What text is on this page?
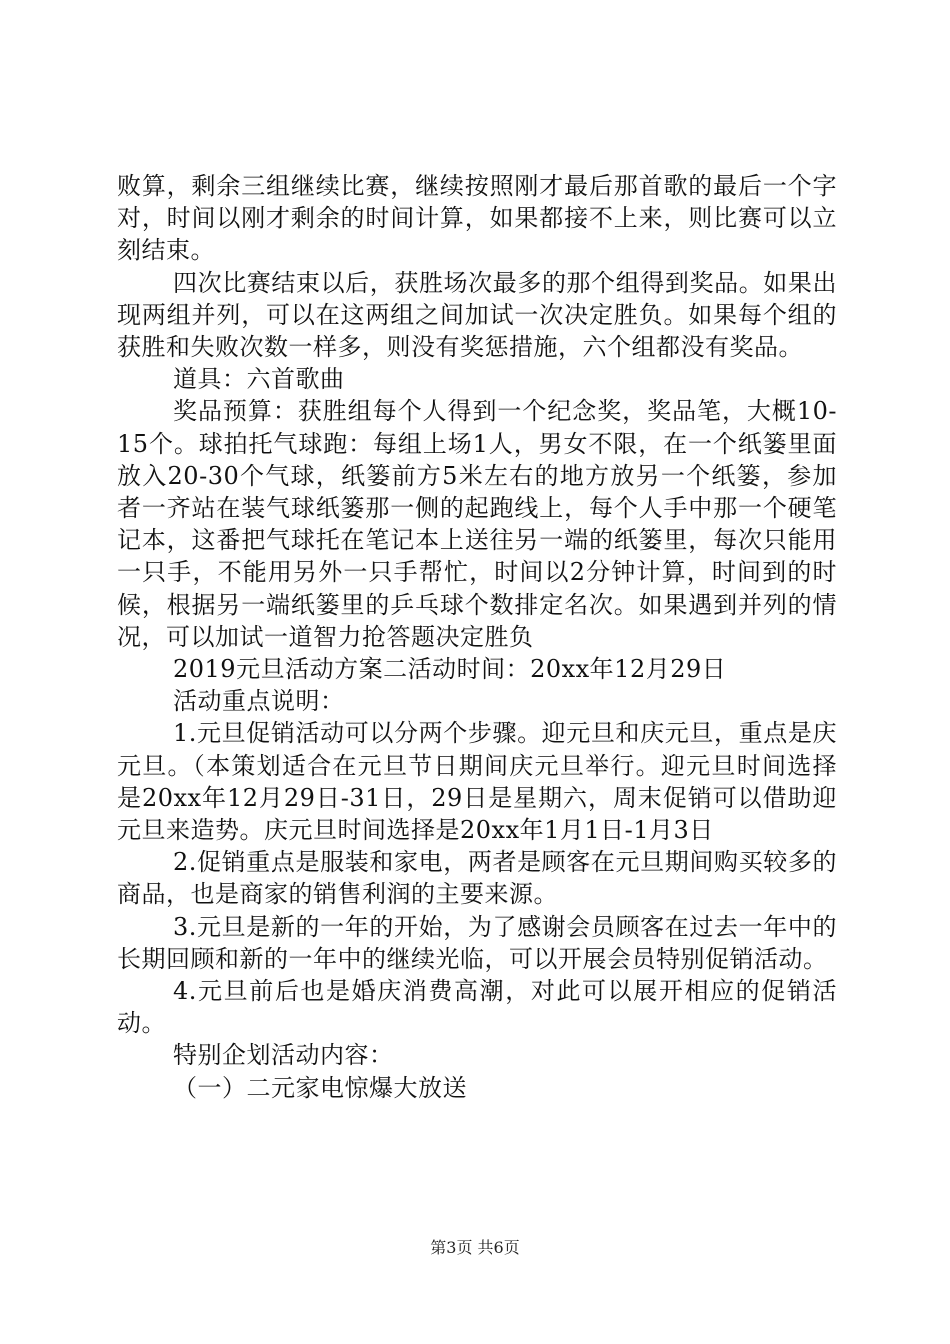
败算，剩余三组继续比赛，继续按照刚才最后那首歌的最后一个字对，时间以刚才剩余的时间计算，如果都接不上来，则比赛可以立刻结束。

四次比赛结束以后，获胜场次最多的那个组得到奖品。如果出现两组并列，可以在这两组之间加试一次决定胜负。如果每个组的获胜和失败次数一样多，则没有奖惩措施，六个组都没有奖品。

道具：六首歌曲

奖品预算：获胜组每个人得到一个纪念奖，奖品笔，大概10-15个。球拍托气球跑：每组上场1人，男女不限，在一个纸篓里面放入20-30个气球，纸篓前方5米左右的地方放另一个纸篓，参加者一齐站在装气球纸篓那一侧的起跑线上，每个人手中那一个硬笔记本，这番把气球托在笔记本上送往另一端的纸篓里，每次只能用一只手，不能用另外一只手帮忙，时间以2分钟计算，时间到的时候，根据另一端纸篓里的乒乓球个数排定名次。如果遇到并列的情况，可以加试一道智力抢答题决定胜负

2019元旦活动方案二活动时间：20xx年12月29日

活动重点说明：

1.元旦促销活动可以分两个步骤。迎元旦和庆元旦，重点是庆元旦。（本策划适合在元旦节日期间庆元旦举行。迎元旦时间选择是20xx年12月29日-31日，29日是星期六，周末促销可以借助迎元旦来造势。庆元旦时间选择是20xx年1月1日-1月3日

2.促销重点是服装和家电，两者是顾客在元旦期间购买较多的商品，也是商家的销售利润的主要来源。

3.元旦是新的一年的开始，为了感谢会员顾客在过去一年中的长期回顾和新的一年中的继续光临，可以开展会员特别促销活动。

4.元旦前后也是婚庆消费高潮，对此可以展开相应的促销活动。

特别企划活动内容：

（一）二元家电惊爆大放送

第3页 共6页
